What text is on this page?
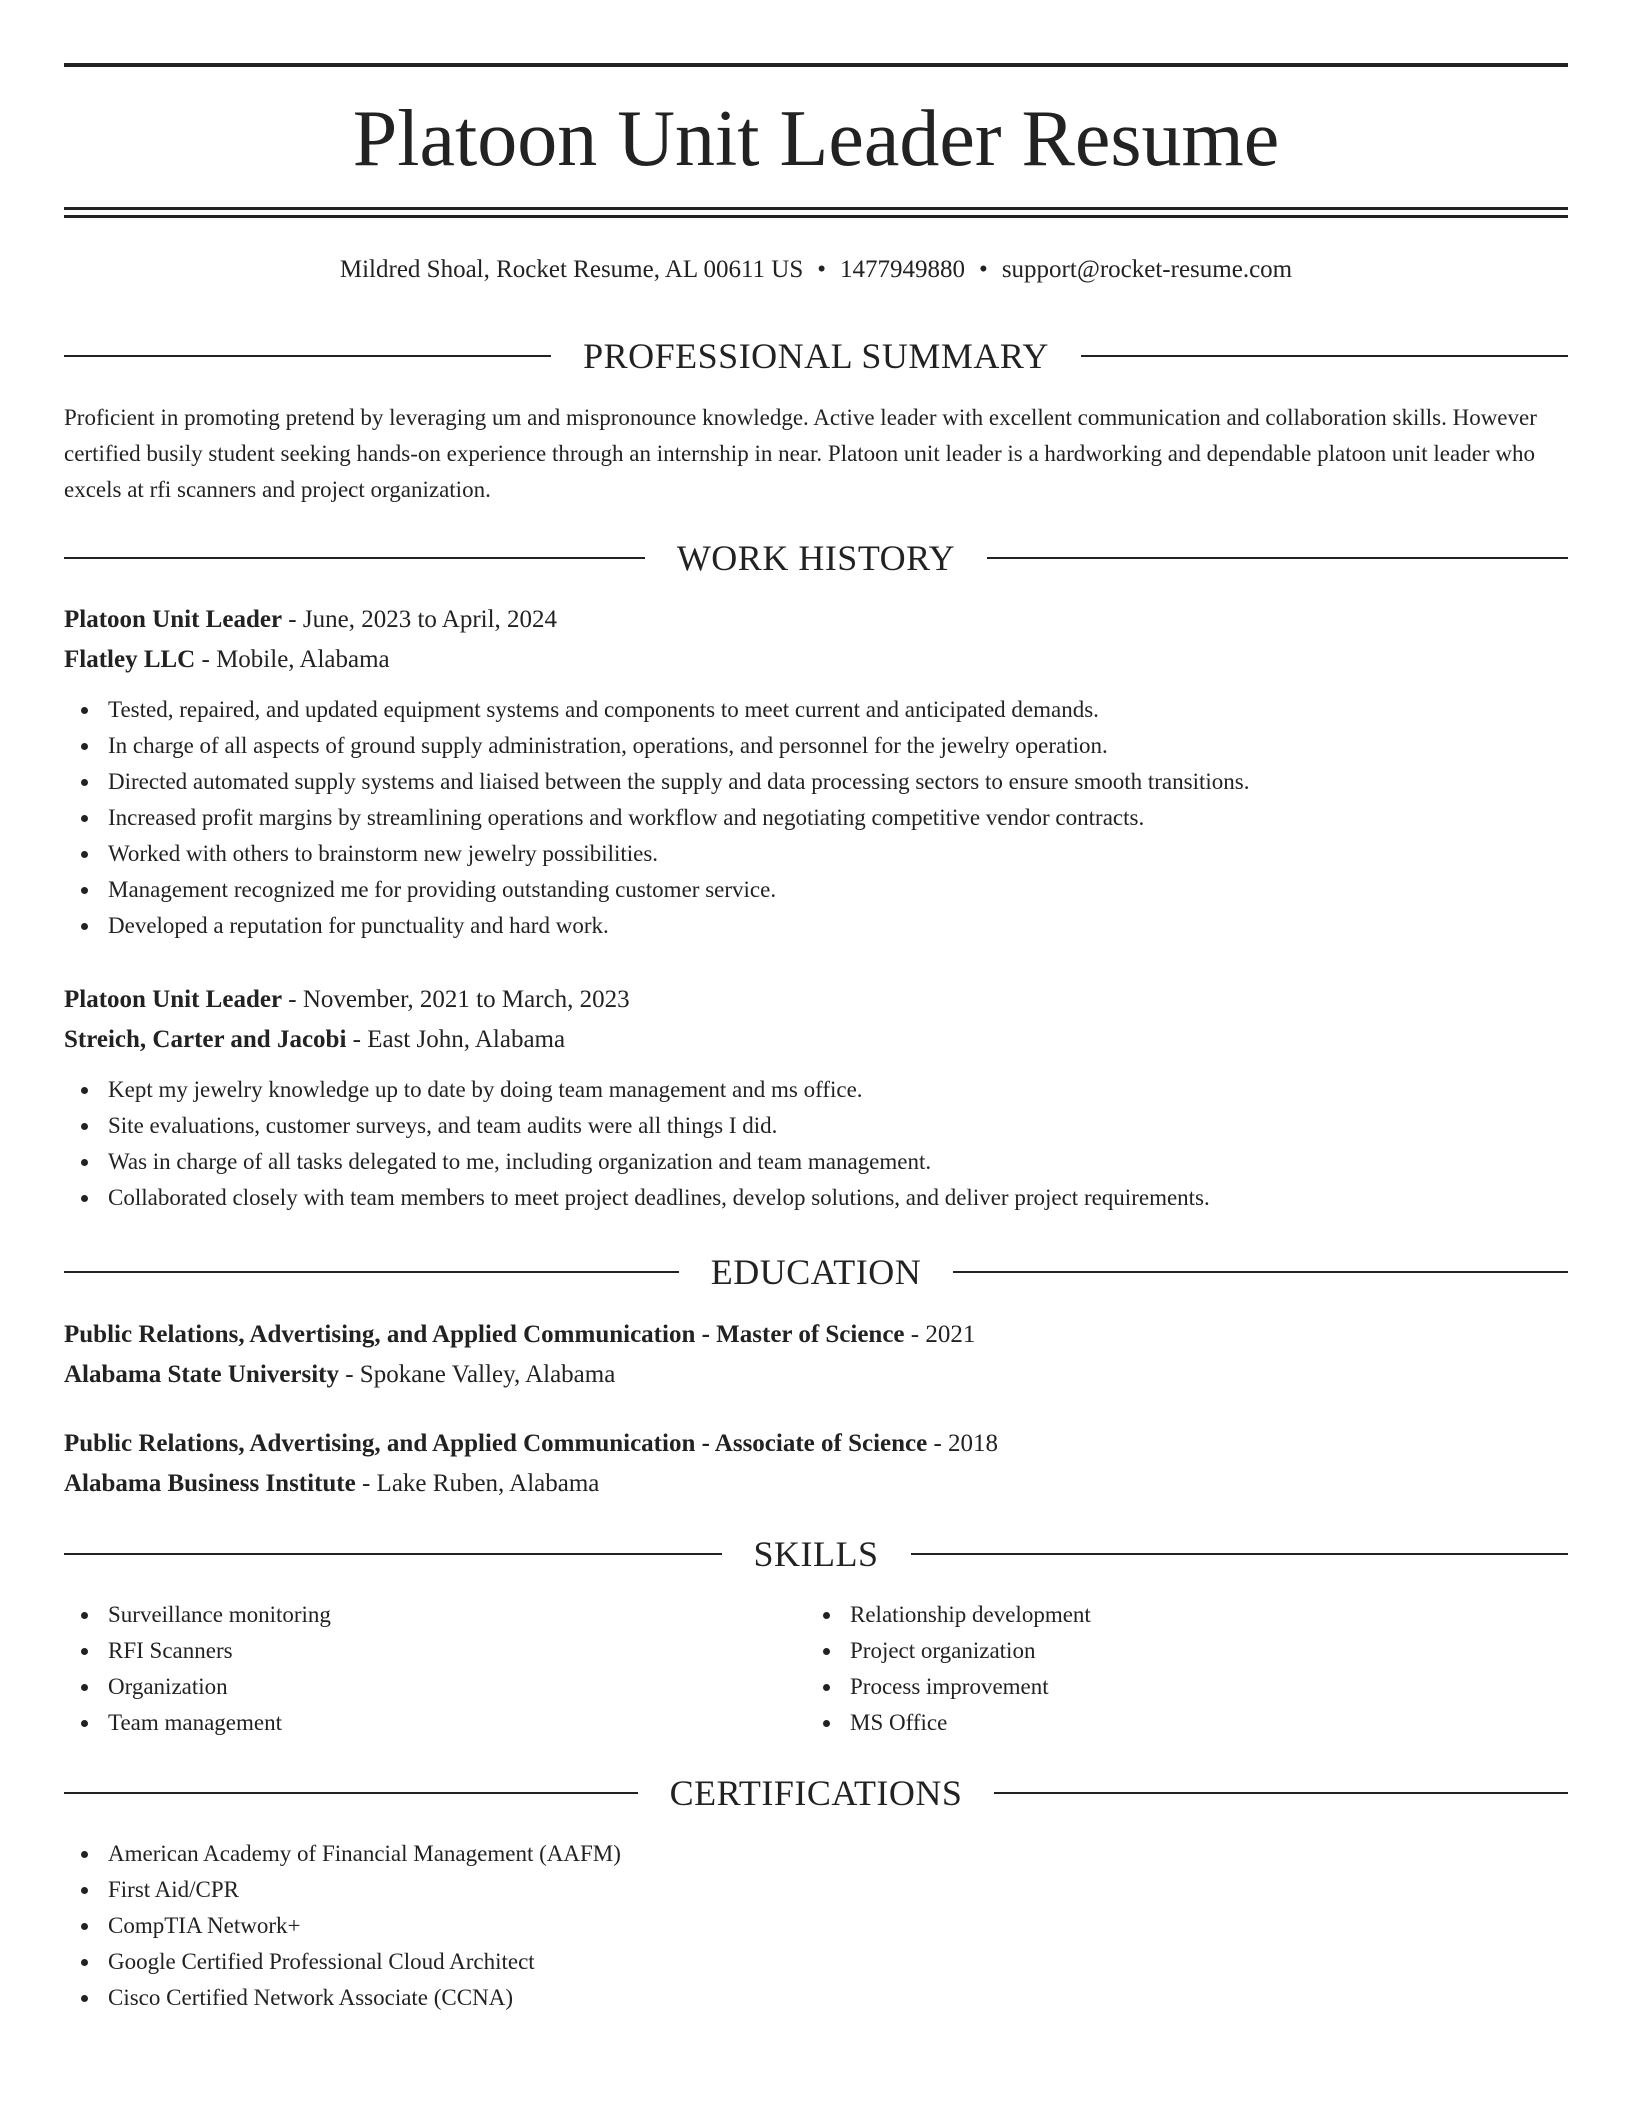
Platoon Unit Leader Resume
Mildred Shoal, Rocket Resume, AL 00611 US • 1477949880 • support@rocket-resume.com
PROFESSIONAL SUMMARY

Proficient in promoting pretend by leveraging um and mispronounce knowledge. Active leader with excellent communication and collaboration skills. However certified busily student seeking hands-on experience through an internship in near. Platoon unit leader is a hardworking and dependable platoon unit leader who excels at rfi scanners and project organization.

WORK HISTORY
Platoon Unit Leader - June, 2023 to April, 2024
Flatley LLC - Mobile, Alabama
Tested, repaired, and updated equipment systems and components to meet current and anticipated demands.
In charge of all aspects of ground supply administration, operations, and personnel for the jewelry operation.
Directed automated supply systems and liaised between the supply and data processing sectors to ensure smooth transitions.
Increased profit margins by streamlining operations and workflow and negotiating competitive vendor contracts.
Worked with others to brainstorm new jewelry possibilities.
Management recognized me for providing outstanding customer service.
Developed a reputation for punctuality and hard work.
Platoon Unit Leader - November, 2021 to March, 2023
Streich, Carter and Jacobi - East John, Alabama
Kept my jewelry knowledge up to date by doing team management and ms office.
Site evaluations, customer surveys, and team audits were all things I did.
Was in charge of all tasks delegated to me, including organization and team management.
Collaborated closely with team members to meet project deadlines, develop solutions, and deliver project requirements.
EDUCATION
Public Relations, Advertising, and Applied Communication - Master of Science - 2021
Alabama State University - Spokane Valley, Alabama
Public Relations, Advertising, and Applied Communication - Associate of Science - 2018
Alabama Business Institute - Lake Ruben, Alabama
SKILLS
Surveillance monitoring
RFI Scanners
Organization
Team management
Relationship development
Project organization
Process improvement
MS Office
CERTIFICATIONS
American Academy of Financial Management (AAFM)
First Aid/CPR
CompTIA Network+
Google Certified Professional Cloud Architect
Cisco Certified Network Associate (CCNA)
